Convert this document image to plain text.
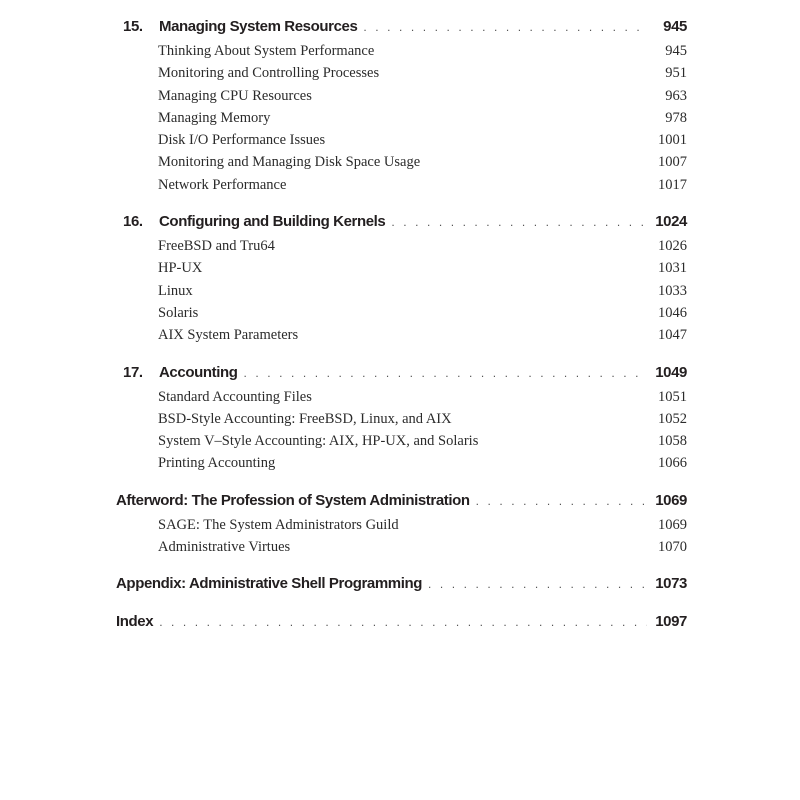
15.	Managing System Resources . . .	945
Thinking About System Performance	945
Monitoring and Controlling Processes	951
Managing CPU Resources	963
Managing Memory	978
Disk I/O Performance Issues	1001
Monitoring and Managing Disk Space Usage	1007
Network Performance	1017
16.	Configuring and Building Kernels . . .	1024
FreeBSD and Tru64	1026
HP-UX	1031
Linux	1033
Solaris	1046
AIX System Parameters	1047
17.	Accounting . . .	1049
Standard Accounting Files	1051
BSD-Style Accounting: FreeBSD, Linux, and AIX	1052
System V–Style Accounting: AIX, HP-UX, and Solaris	1058
Printing Accounting	1066
Afterword: The Profession of System Administration . . .	1069
SAGE: The System Administrators Guild	1069
Administrative Virtues	1070
Appendix: Administrative Shell Programming . . .	1073
Index . . .	1097
